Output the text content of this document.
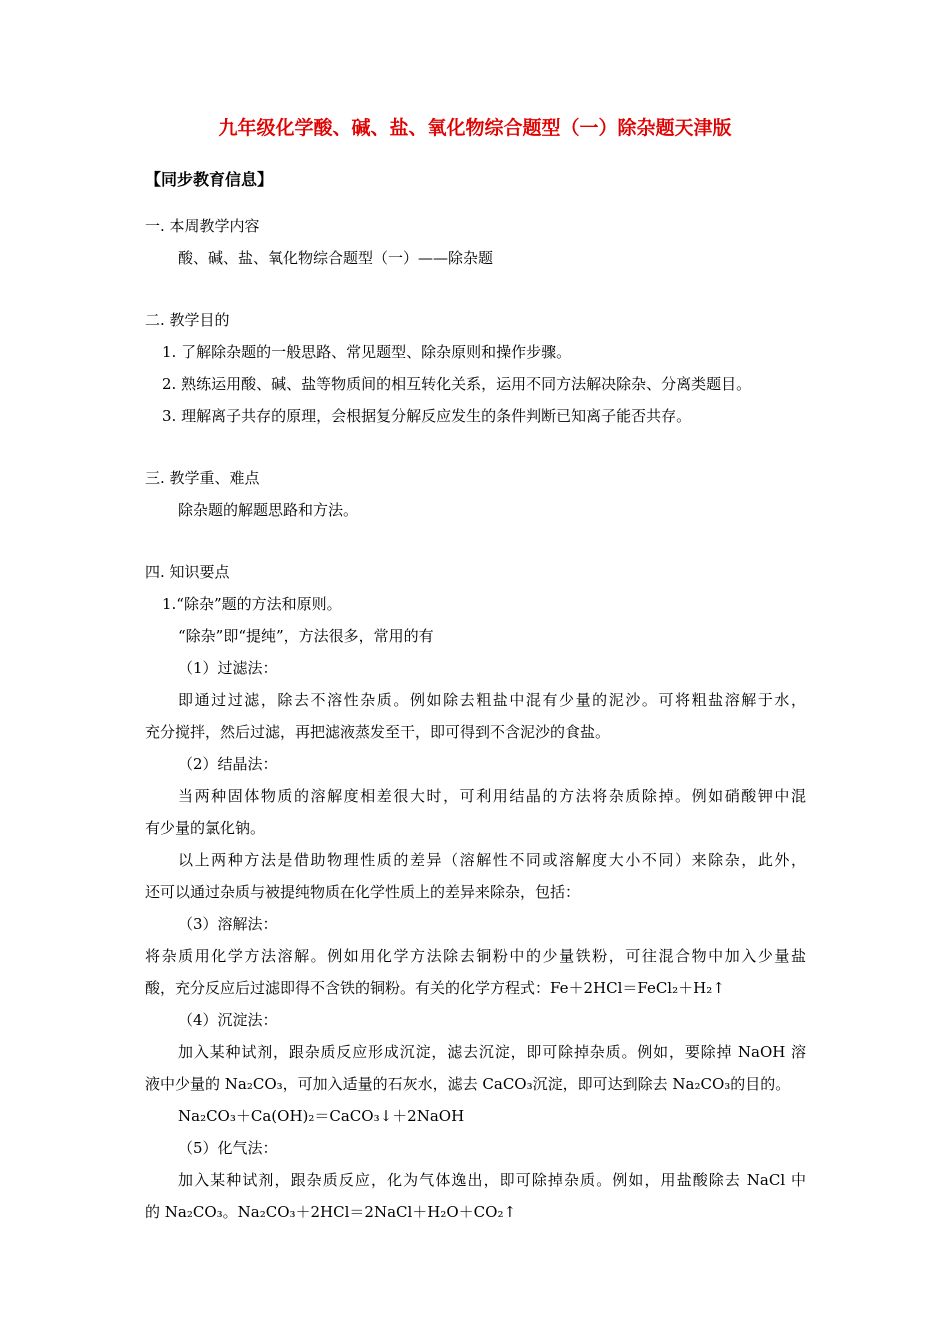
九年级化学酸、碱、盐、氧化物综合题型（一）除杂题天津版
【同步教育信息】
一. 本周教学内容
酸、碱、盐、氧化物综合题型（一）——除杂题
二. 教学目的
1. 了解除杂题的一般思路、常见题型、除杂原则和操作步骤。
2. 熟练运用酸、碱、盐等物质间的相互转化关系，运用不同方法解决除杂、分离类题目。
3. 理解离子共存的原理，会根据复分解反应发生的条件判断已知离子能否共存。
三. 教学重、难点
除杂题的解题思路和方法。
四. 知识要点
1.“除杂”题的方法和原则。
“除杂”即“提纯”，方法很多，常用的有
（1）过滤法：
即通过过滤，除去不溶性杂质。例如除去粗盐中混有少量的泥沙。可将粗盐溶解于水，
充分搅拌，然后过滤，再把滤液蒸发至干，即可得到不含泥沙的食盐。
（2）结晶法：
当两种固体物质的溶解度相差很大时，可利用结晶的方法将杂质除掉。例如硝酸钾中混
有少量的氯化钠。
以上两种方法是借助物理性质的差异（溶解性不同或溶解度大小不同）来除杂，此外，
还可以通过杂质与被提纯物质在化学性质上的差异来除杂，包括：
（3）溶解法：
将杂质用化学方法溶解。例如用化学方法除去铜粉中的少量铁粉，可往混合物中加入少量盐
酸，充分反应后过滤即得不含铁的铜粉。有关的化学方程式：Fe＋2HCl＝FeCl₂＋H₂↑
（4）沉淀法：
加入某种试剂，跟杂质反应形成沉淀，滤去沉淀，即可除掉杂质。例如，要除掉 NaOH 溶
液中少量的 Na₂CO₃，可加入适量的石灰水，滤去 CaCO₃沉淀，即可达到除去 Na₂CO₃的目的。
Na₂CO₃＋Ca(OH)₂＝CaCO₃↓＋2NaOH
（5）化气法：
加入某种试剂，跟杂质反应，化为气体逸出，即可除掉杂质。例如，用盐酸除去 NaCl 中
的 Na₂CO₃。Na₂CO₃＋2HCl＝2NaCl＋H₂O＋CO₂↑
